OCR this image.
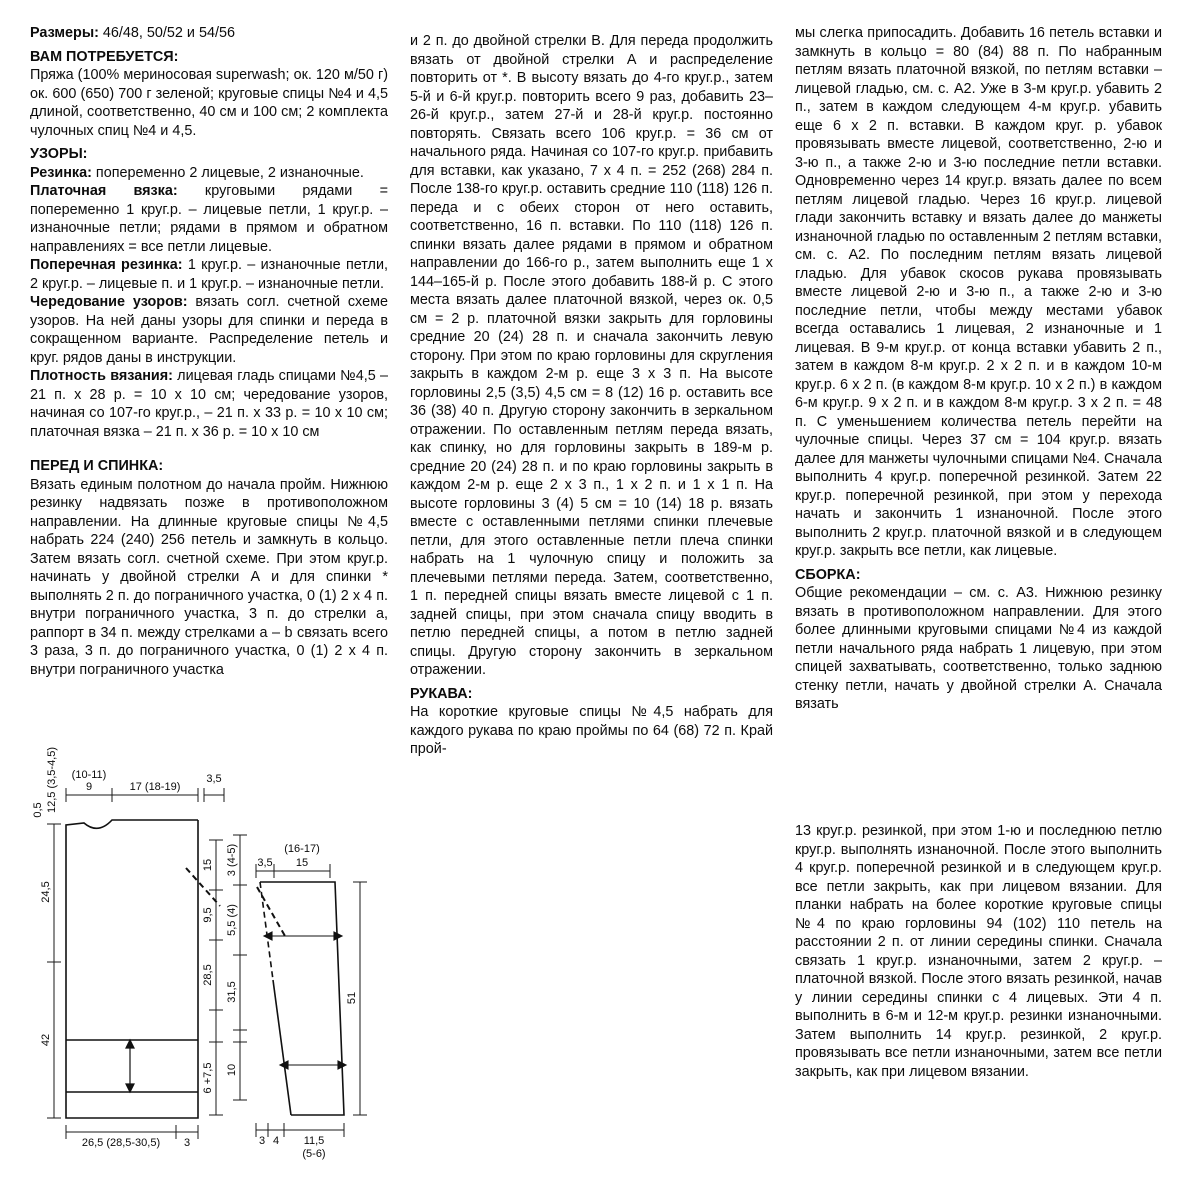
Размеры: 46/48, 50/52 и 54/56

ВАМ ПОТРЕБУЕТСЯ:

Пряжа (100% мериносовая superwash; ок. 120 м/50 г) ок. 600 (650) 700 г зеленой; круговые спицы №4 и 4,5 длиной, соответственно, 40 см и 100 см; 2 комплекта чулочных спиц №4 и 4,5.

УЗОРЫ:

Резинка: попеременно 2 лицевые, 2 изнаночные.

Платочная вязка: круговыми рядами = попеременно 1 круг.р. – лицевые петли, 1 круг.р. – изнаночные петли; рядами в прямом и обратном направлениях = все петли лицевые.

Поперечная резинка: 1 круг.р. – изнаночные петли, 2 круг.р. – лицевые п. и 1 круг.р. – изнаночные петли.

Чередование узоров: вязать согл. счетной схеме узоров. На ней даны узоры для спинки и переда в сокращенном варианте. Распределение петель и круг. рядов даны в инструкции.

Плотность вязания: лицевая гладь спицами №4,5 – 21 п. х 28 р. = 10 х 10 см; чередование узоров, начиная со 107-го круг.р., – 21 п. х 33 р. = 10 х 10 см; платочная вязка – 21 п. х 36 р. = 10 х 10 см

ПЕРЕД И СПИНКА:

Вязать единым полотном до начала пройм. Нижнюю резинку надвязать позже в противоположном направлении. На длинные круговые спицы №4,5 набрать 224 (240) 256 петель и замкнуть в кольцо. Затем вязать согл. счетной схеме. При этом круг.р. начинать у двойной стрелки А и для спинки * выполнять 2 п. до пограничного участка, 0 (1) 2 х 4 п. внутри пограничного участка, 3 п. до стрелки а, раппорт в 34 п. между стрелками а – b связать всего 3 раза, 3 п. до пограничного участка, 0 (1) 2 х 4 п. внутри пограничного участка

и 2 п. до двойной стрелки В. Для переда продолжить вязать от двойной стрелки А и распределение повторить от *. В высоту вязать до 4-го круг.р., затем 5-й и 6-й круг.р. повторить всего 9 раз, добавить 23–26-й круг.р., затем 27-й и 28-й круг.р. постоянно повторять. Связать всего 106 круг.р. = 36 см от начального ряда. Начиная со 107-го круг.р. прибавить для вставки, как указано, 7 х 4 п. = 252 (268) 284 п. После 138-го круг.р. оставить средние 110 (118) 126 п. переда и с обеих сторон от него оставить, соответственно, 16 п. вставки. По 110 (118) 126 п. спинки вязать далее рядами в прямом и обратном направлении до 166-го р., затем выполнить еще 1 х 144–165-й р. После этого добавить 188-й р. С этого места вязать далее платочной вязкой, через ок. 0,5 см = 2 р. платочной вязки закрыть для горловины средние 20 (24) 28 п. и сначала закончить левую сторону. При этом по краю горловины для скругления закрыть в каждом 2-м р. еще 3 х 3 п. На высоте горловины 2,5 (3,5) 4,5 см = 8 (12) 16 р. оставить все 36 (38) 40 п. Другую сторону закончить в зеркальном отражении. По оставленным петлям переда вязать, как спинку, но для горловины закрыть в 189-м р. средние 20 (24) 28 п. и по краю горловины закрыть в каждом 2-м р. еще 2 х 3 п., 1 х 2 п. и 1 х 1 п. На высоте горловины 3 (4) 5 см = 10 (14) 18 р. вязать вместе с оставленными петлями спинки плечевые петли, для этого оставленные петли плеча спинки набрать на 1 чулочную спицу и положить за плечевыми петлями переда. Затем, соответственно, 1 п. передней спицы вязать вместе лицевой с 1 п. задней спицы, при этом сначала спицу вводить в петлю передней спицы, а потом в петлю задней спицы. Другую сторону закончить в зеркальном отражении.

РУКАВА:

На короткие круговые спицы №4,5 набрать для каждого рукава по краю проймы по 64 (68) 72 п. Край прой-

мы слегка припосадить. Добавить 16 петель вставки и замкнуть в кольцо = 80 (84) 88 п. По набранным петлям вязать платочной вязкой, по петлям вставки – лицевой гладью, см. с. А2. Уже в 3-м круг.р. убавить 2 п., затем в каждом следующем 4-м круг.р. убавить еще 6 х 2 п. вставки. В каждом круг. р. убавок провязывать вместе лицевой, соответственно, 2-ю и 3-ю п., а также 2-ю и 3-ю последние петли вставки. Одновременно через 14 круг.р. вязать далее по всем петлям лицевой гладью. Через 16 круг.р. лицевой глади закончить вставку и вязать далее до манжеты изнаночной гладью по оставленным 2 петлям вставки, см. с. А2. По последним петлям вязать лицевой гладью. Для убавок скосов рукава провязывать вместе лицевой 2-ю и 3-ю п., а также 2-ю и 3-ю последние петли, чтобы между местами убавок всегда оставались 1 лицевая, 2 изнаночные и 1 лицевая. В 9-м круг.р. от конца вставки убавить 2 п., затем в каждом 8-м круг.р. 2 х 2 п. и в каждом 10-м круг.р. 6 х 2 п. (в каждом 8-м круг.р. 10 х 2 п.) в каждом 6-м круг.р. 9 х 2 п. и в каждом 8-м круг.р. 3 х 2 п. = 48 п. С уменьшением количества петель перейти на чулочные спицы. Через 37 см = 104 круг.р. вязать далее для манжеты чулочными спицами №4. Сначала выполнить 4 круг.р. поперечной резинкой. Затем 22 круг.р. поперечной резинкой, при этом у перехода начать и закончить 1 изнаночной. После этого выполнить 2 круг.р. платочной вязкой и в следующем круг.р. закрыть все петли, как лицевые.

СБОРКА:

Общие рекомендации – см. с. А3. Нижнюю резинку вязать в противоположном направлении. Для этого более длинными круговыми спицами №4 из каждой петли начального ряда набрать 1 лицевую, при этом спицей захватывать, соответственно, только заднюю стенку петли, начать у двойной стрелки А. Сначала вязать

13 круг.р. резинкой, при этом 1-ю и последнюю петлю круг.р. выполнять изнаночной. После этого выполнить 4 круг.р. поперечной резинкой и в следующем круг.р. все петли закрыть, как при лицевом вязании. Для планки набрать на более короткие круговые спицы №4 по краю горловины 94 (102) 110 петель на расстоянии 2 п. от линии середины спинки. Сначала связать 1 круг.р. изнаночными, затем 2 круг.р. – платочной вязкой. После этого вязать резинкой, начав у линии середины спинки с 4 лицевых. Эти 4 п. выполнить в 6-м и 12-м круг.р. резинки изнаночными. Затем выполнить 14 круг.р. резинкой, 2 круг.р. провязывать все петли изнаночными, затем все петли закрыть, как при лицевом вязании.

(10-11)
9	17 (18-19)
3,5
0,5 12,5 (3,5-4,5)
24,5
42
15 3 (4-5)
9,5 5,5 (4)
28,5
31,5
6 +7,5 10
26,5 (28,5-30,5) 3
(16-17)
3,5 15
51
3 4 11,5
(5-6)
